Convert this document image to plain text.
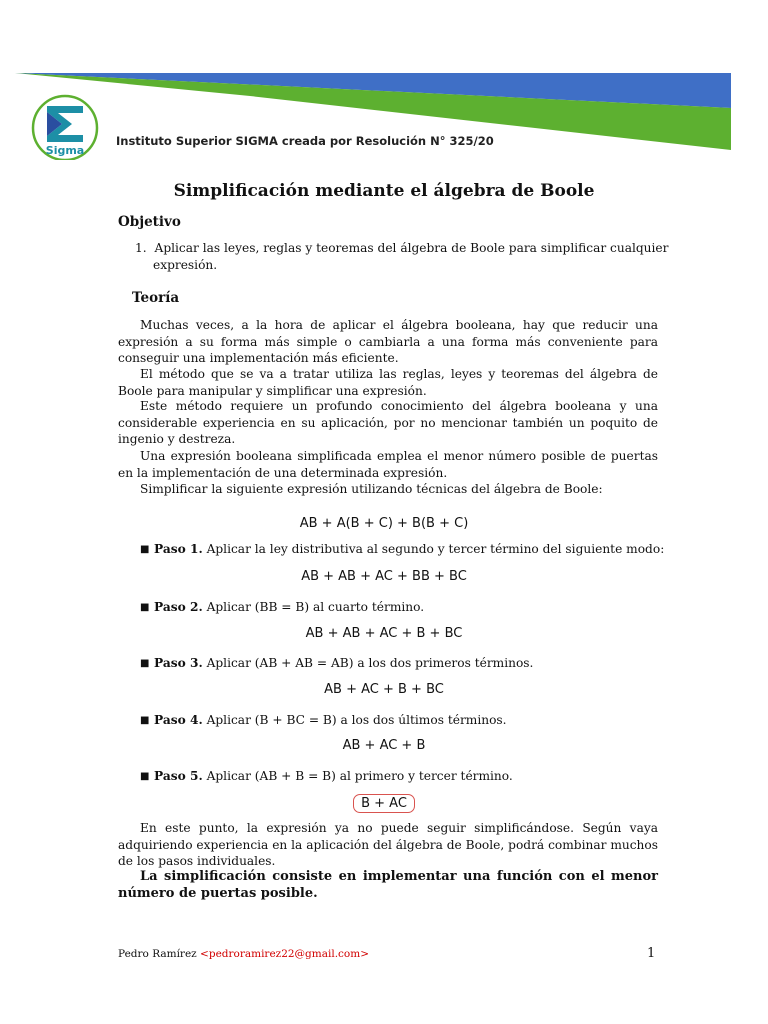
Sigma
Instituto Superior SIGMA creada por Resolución N° 325/20
Simplificación mediante el álgebra de Boole
Objetivo
1. Aplicar las leyes, reglas y teoremas del álgebra de Boole para simplificar cualquier
expresión.
Teoría
Muchas veces, a la hora de aplicar el álgebra booleana, hay que reducir una expresión a su forma más simple o cambiarla a una forma más conveniente para conseguir una implementación más eficiente.
El método que se va a tratar utiliza las reglas, leyes y teoremas del álgebra de Boole para manipular y simplificar una expresión.
Este método requiere un profundo conocimiento del álgebra booleana y una considerable experiencia en su aplicación, por no mencionar también un poquito de ingenio y destreza.
Una expresión booleana simplificada emplea el menor número posible de puertas en la implementación de una determinada expresión.
Simplificar la siguiente expresión utilizando técnicas del álgebra de Boole:
AB + A(B + C) + B(B + C)
■ Paso 1. Aplicar la ley distributiva al segundo y tercer término del siguiente modo:
AB + AB + AC + BB + BC
■ Paso 2. Aplicar (BB = B) al cuarto término.
AB + AB + AC + B + BC
■ Paso 3. Aplicar (AB + AB = AB) a los dos primeros términos.
AB + AC + B + BC
■ Paso 4. Aplicar (B + BC = B) a los dos últimos términos.
AB + AC + B
■ Paso 5. Aplicar (AB + B = B) al primero y tercer término.
B + AC
En este punto, la expresión ya no puede seguir simplificándose. Según vaya adquiriendo experiencia en la aplicación del álgebra de Boole, podrá combinar muchos de los pasos individuales.
La simplificación consiste en implementar una función con el menor número de puertas posible.
Pedro Ramírez <pedroramirez22@gmail.com>	1
